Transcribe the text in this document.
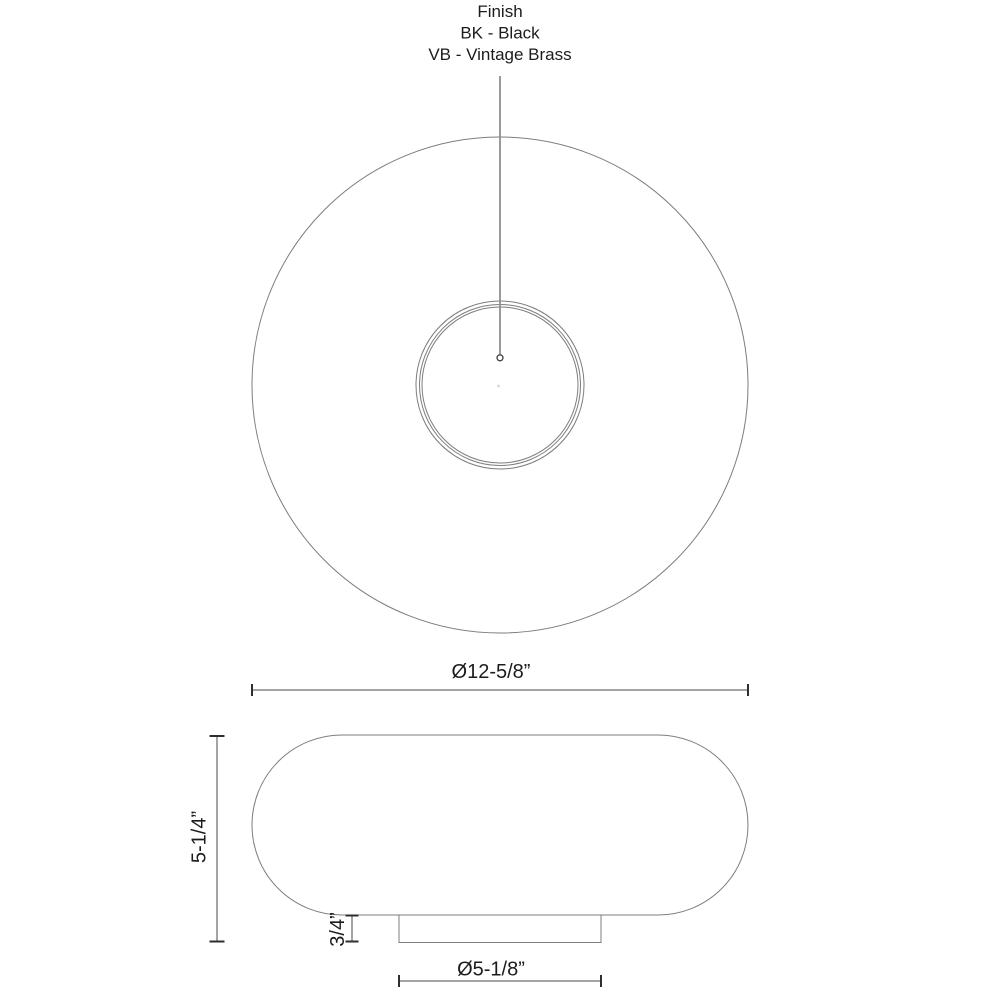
Finish
BK - Black
VB - Vintage Brass
Ø12-5/8”
5-1/4”
3/4”
Ø5-1/8”
